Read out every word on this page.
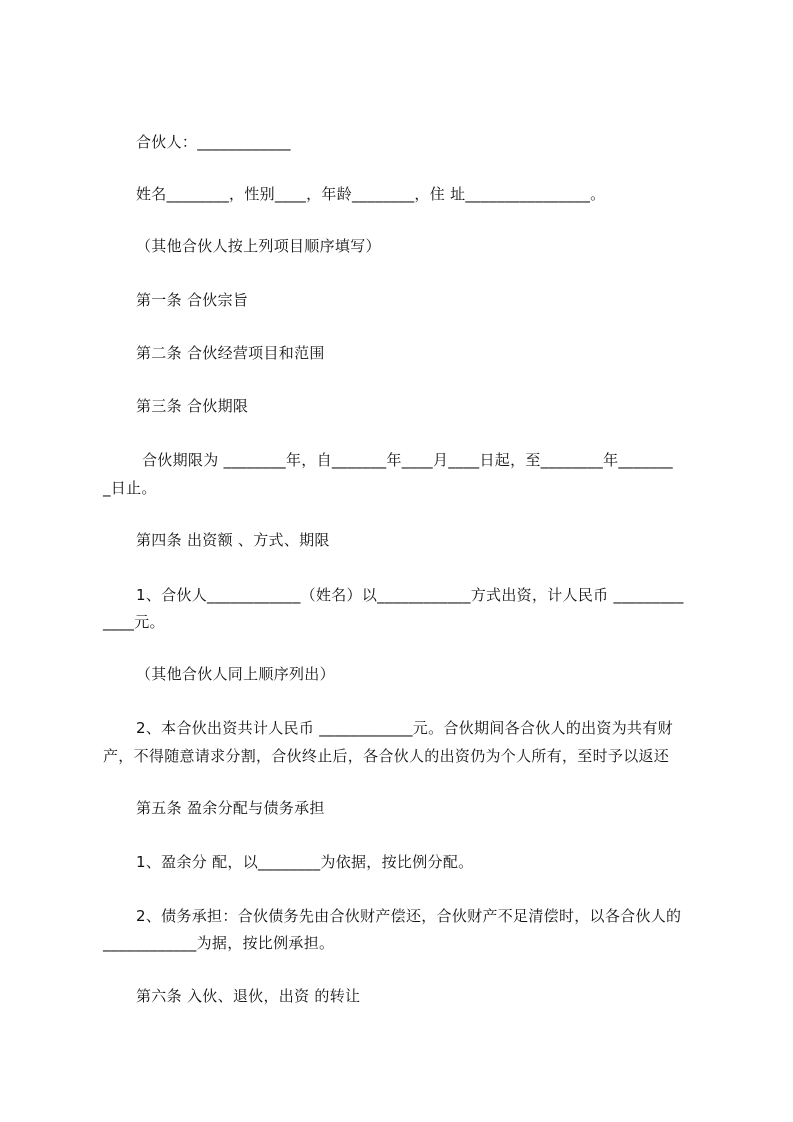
合伙人：____________
姓名________，性别____，年龄________，住 址________________。
（其他合伙人按上列项目顺序填写）
第一条 合伙宗旨
第二条 合伙经营项目和范围
第三条 合伙期限
合伙期限为 ________年，自_______年____月____日起，至________年_______
_日止。
第四条 出资额 、方式、期限
1、合伙人____________（姓名）以____________方式出资，计人民币 _________
____元。
（其他合伙人同上顺序列出）
2、本合伙出资共计人民币 ____________元。合伙期间各合伙人的出资为共有财
产，不得随意请求分割，合伙终止后，各合伙人的出资仍为个人所有，至时予以返还
第五条 盈余分配与债务承担
1、盈余分 配，以________为依据，按比例分配。
2、债务承担：合伙债务先由合伙财产偿还，合伙财产不足清偿时，以各合伙人的
____________为据，按比例承担。
第六条 入伙、退伙，出资 的转让
